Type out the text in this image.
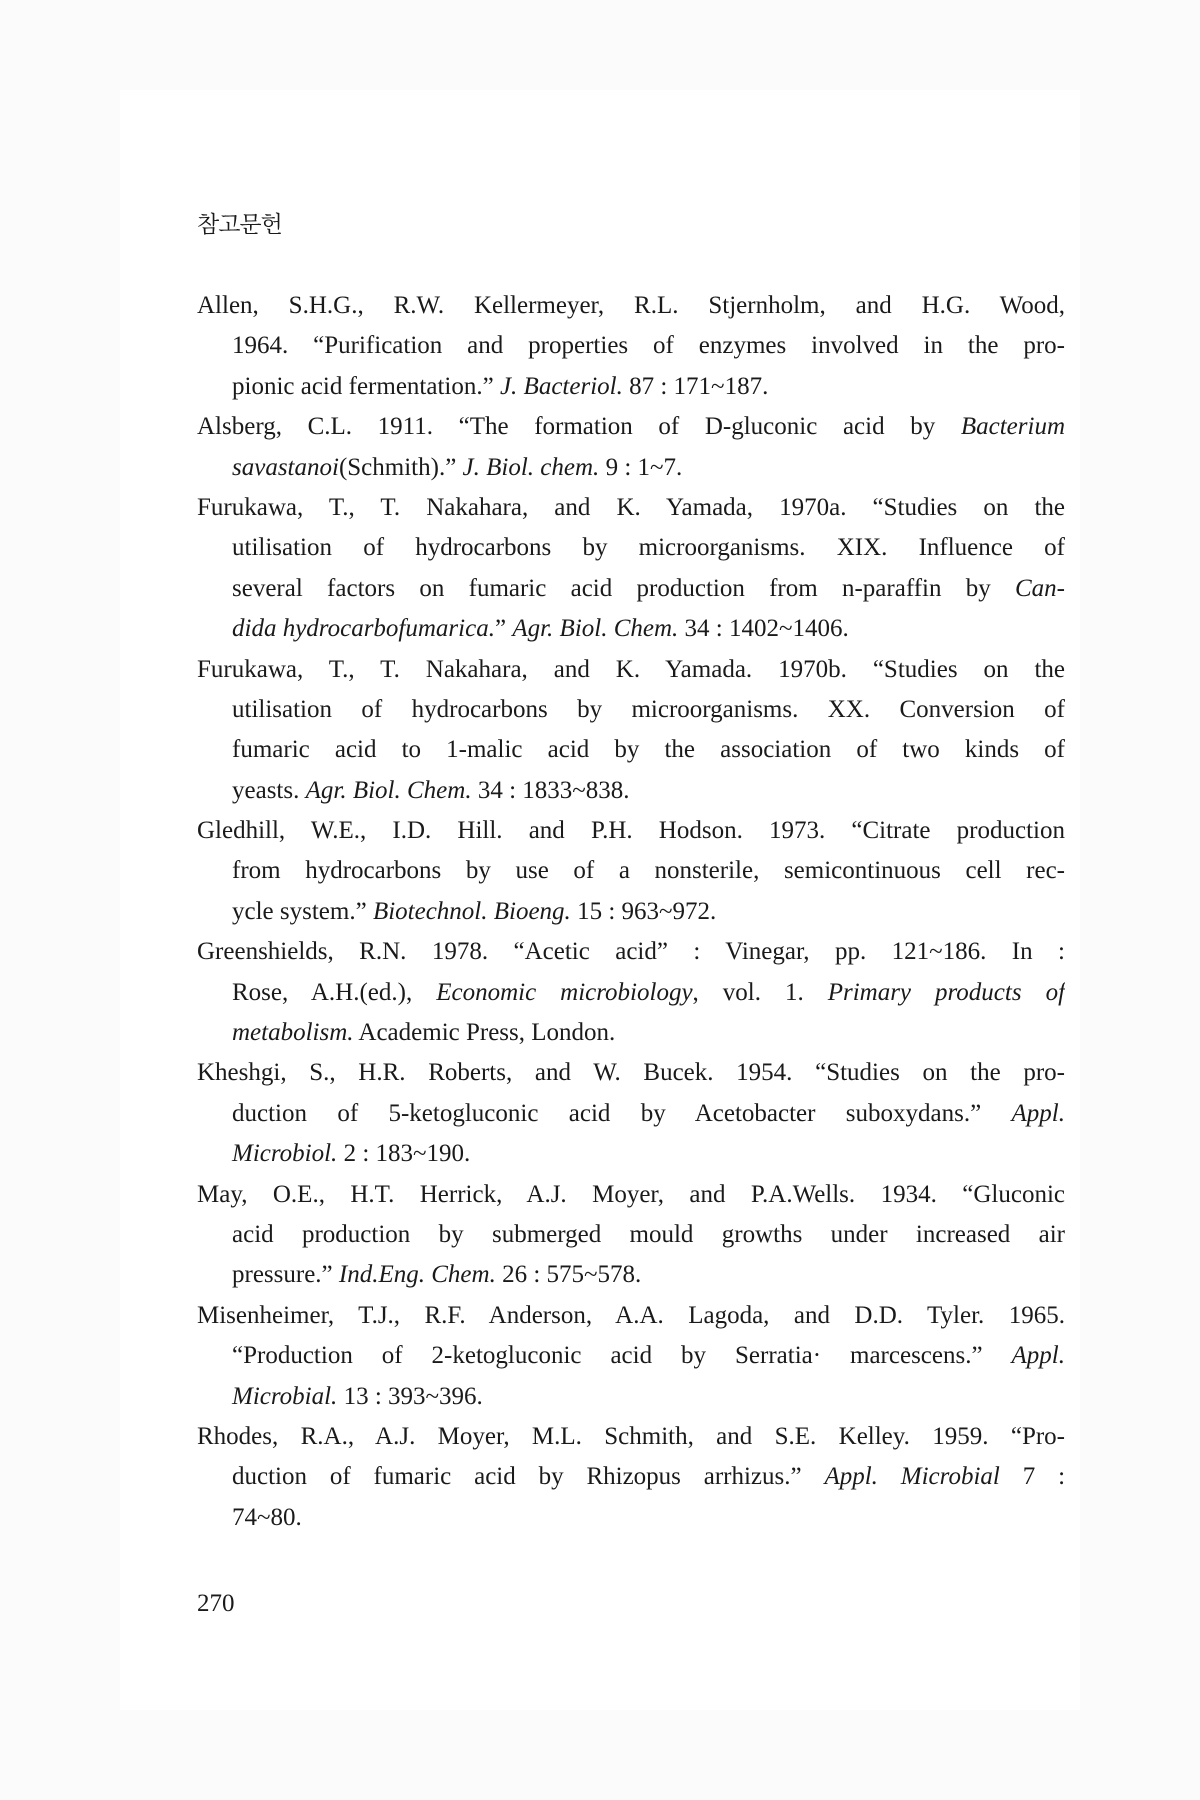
참고문헌
Allen, S.H.G., R.W. Kellermeyer, R.L. Stjernholm, and H.G. Wood,
1964. “Purification and properties of enzymes involved in the pro-
pionic acid fermentation.” J. Bacteriol. 87 : 171~187.
Alsberg, C.L. 1911. “The formation of D-gluconic acid by Bacterium
savastanoi(Schmith).” J. Biol. chem. 9 : 1~7.
Furukawa, T., T. Nakahara, and K. Yamada, 1970a. “Studies on the
utilisation of hydrocarbons by microorganisms. XIX. Influence of
several factors on fumaric acid production from n-paraffin by Can-
dida hydrocarbofumarica.” Agr. Biol. Chem. 34 : 1402~1406.
Furukawa, T., T. Nakahara, and K. Yamada. 1970b. “Studies on the
utilisation of hydrocarbons by microorganisms. XX. Conversion of
fumaric acid to 1-malic acid by the association of two kinds of
yeasts. Agr. Biol. Chem. 34 : 1833~838.
Gledhill, W.E., I.D. Hill. and P.H. Hodson. 1973. “Citrate production
from hydrocarbons by use of a nonsterile, semicontinuous cell rec-
ycle system.” Biotechnol. Bioeng. 15 : 963~972.
Greenshields, R.N. 1978. “Acetic acid” : Vinegar, pp. 121~186. In :
Rose, A.H.(ed.), Economic microbiology, vol. 1. Primary products of
metabolism. Academic Press, London.
Kheshgi, S., H.R. Roberts, and W. Bucek. 1954. “Studies on the pro-
duction of 5-ketogluconic acid by Acetobacter suboxydans.” Appl.
Microbiol. 2 : 183~190.
May, O.E., H.T. Herrick, A.J. Moyer, and P.A.Wells. 1934. “Gluconic
acid production by submerged mould growths under increased air
pressure.” Ind.Eng. Chem. 26 : 575~578.
Misenheimer, T.J., R.F. Anderson, A.A. Lagoda, and D.D. Tyler. 1965.
“Production of 2-ketogluconic acid by Serratia· marcescens.” Appl.
Microbial. 13 : 393~396.
Rhodes, R.A., A.J. Moyer, M.L. Schmith, and S.E. Kelley. 1959. “Pro-
duction of fumaric acid by Rhizopus arrhizus.” Appl. Microbial 7 :
74~80.
270
